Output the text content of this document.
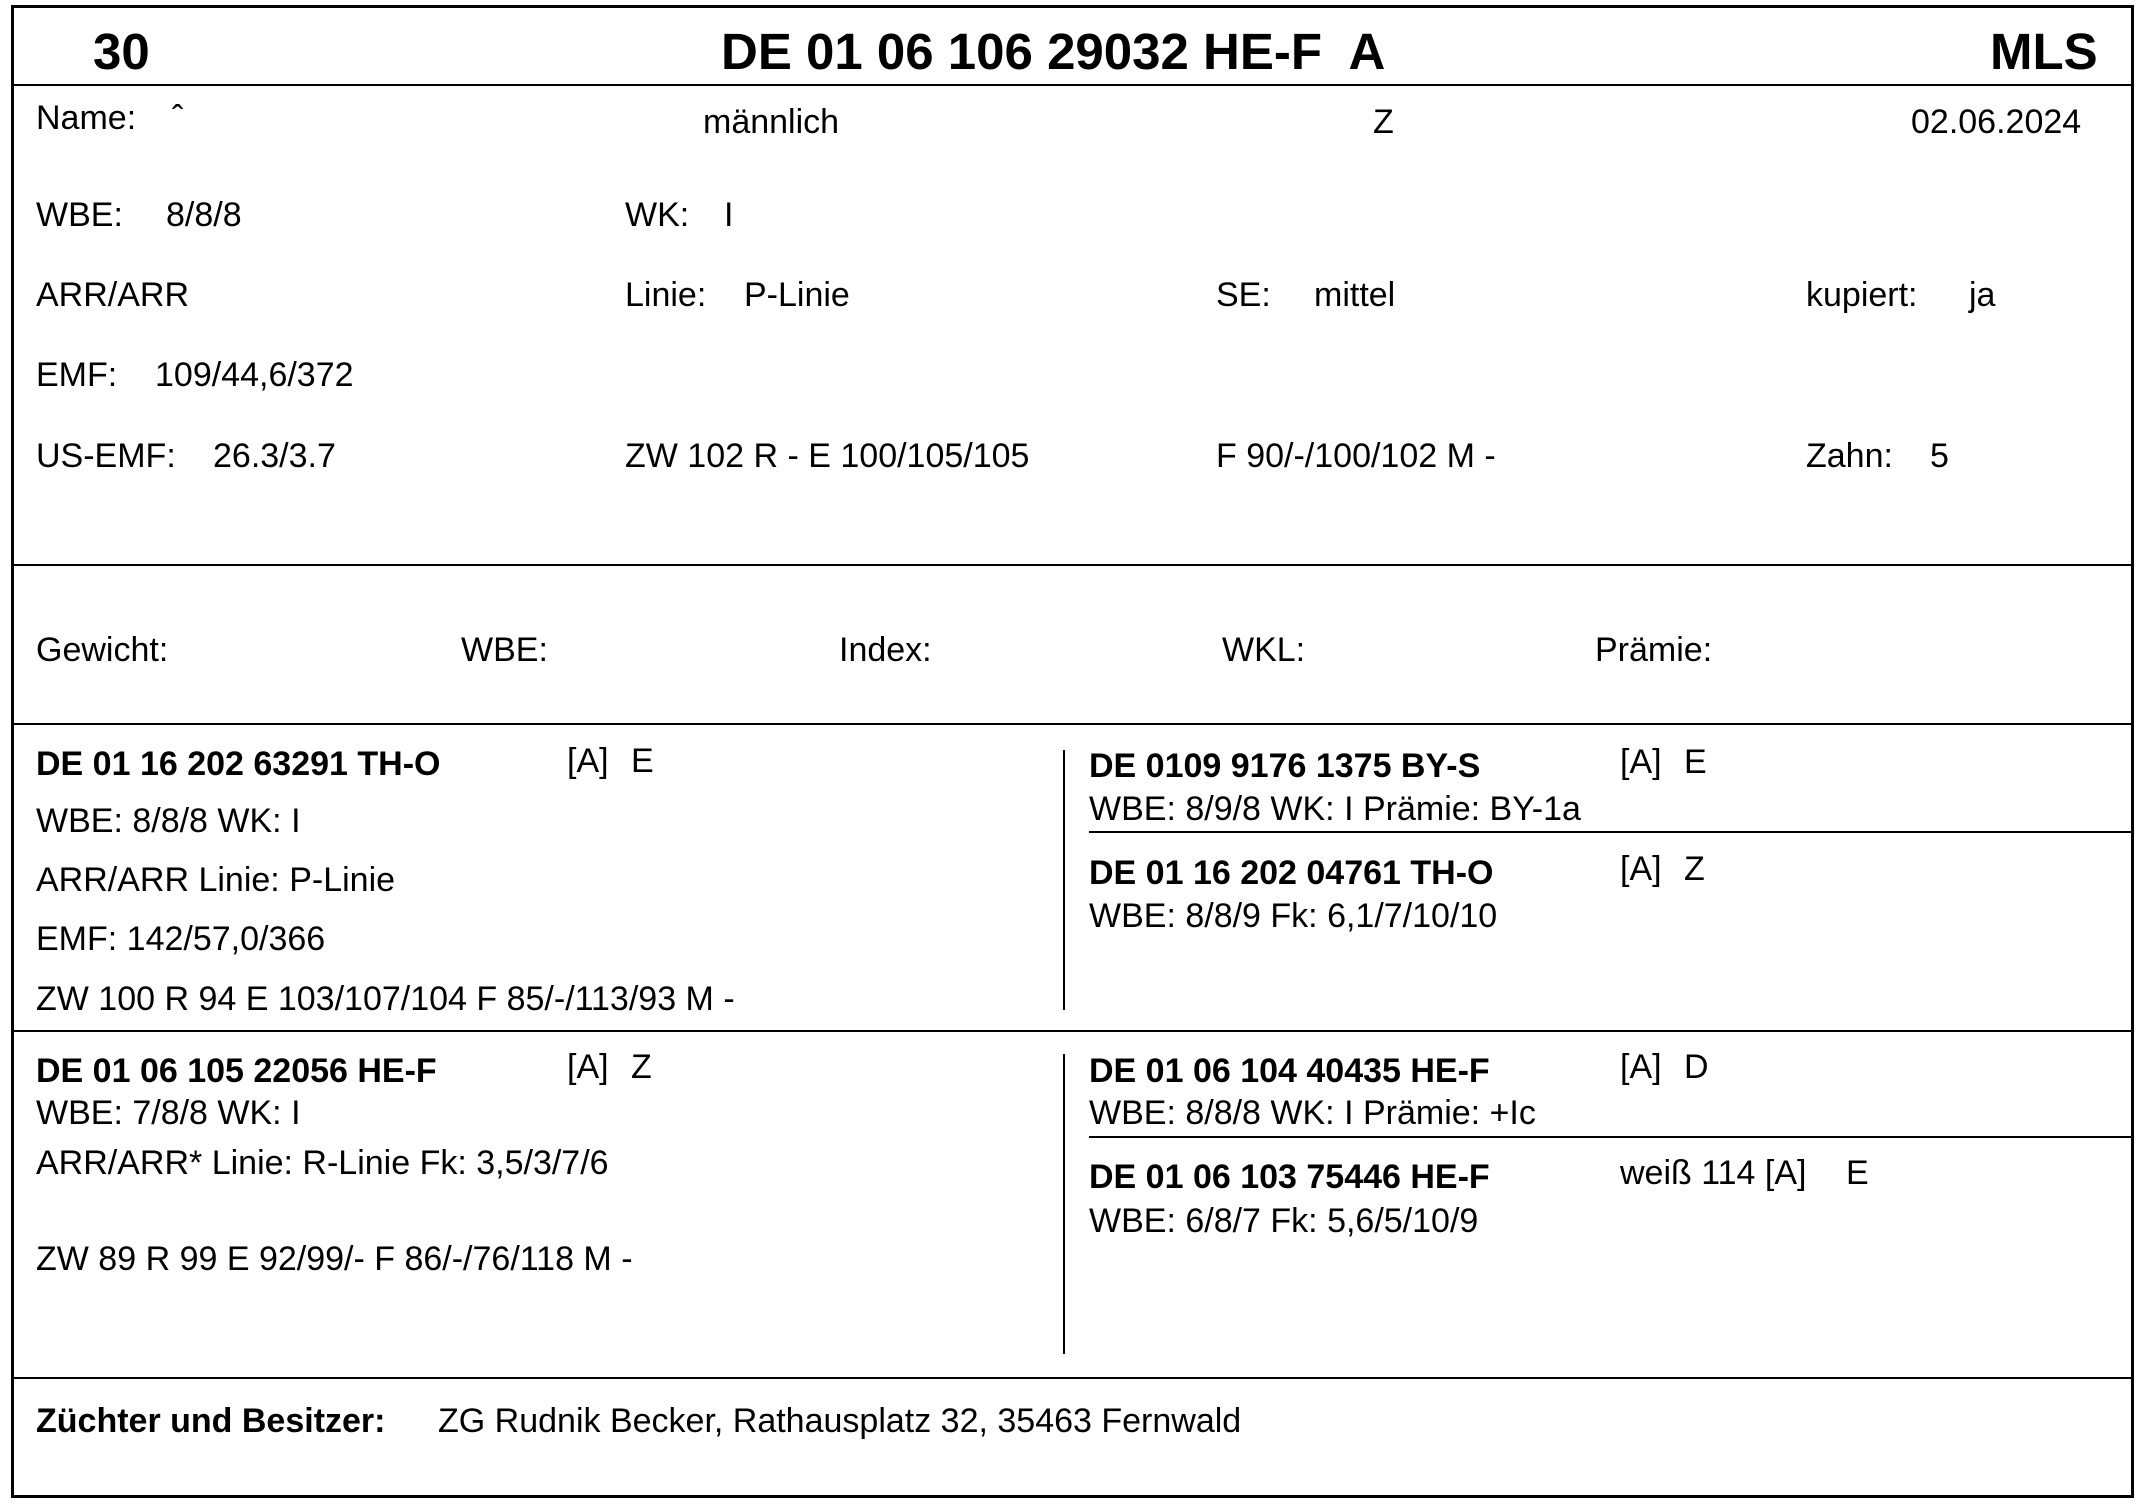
30	DE 01 06 106 29032 HE-F  A	MLS
Name: ˆ	männlich	Z	02.06.2024
WBE: 8/8/8	WK: I
ARR/ARR	Linie: P-Linie	SE: mittel	kupiert: ja
EMF: 109/44,6/372
US-EMF: 26.3/3.7	ZW 102 R - E 100/105/105	F 90/-/100/102 M -	Zahn: 5
Gewicht:	WBE:	Index:	WKL:	Prämie:
DE 01 16 202 63291 TH-O	[A] E
WBE: 8/8/8 WK: I
ARR/ARR Linie: P-Linie
EMF: 142/57,0/366
ZW 100 R 94 E 103/107/104 F 85/-/113/93 M -
DE 0109 9176 1375 BY-S	[A] E
WBE: 8/9/8 WK: I Prämie: BY-1a
DE 01 16 202 04761 TH-O	[A] Z
WBE: 8/8/9 Fk: 6,1/7/10/10
DE 01 06 105 22056 HE-F	[A] Z
WBE: 7/8/8 WK: I
ARR/ARR* Linie: R-Linie Fk: 3,5/3/7/6
ZW 89 R 99 E 92/99/- F 86/-/76/118 M -
DE 01 06 104 40435 HE-F	[A] D
WBE: 8/8/8 WK: I Prämie: +Ic
DE 01 06 103 75446 HE-F	weiß 114 [A] E
WBE: 6/8/7 Fk: 5,6/5/10/9
Züchter und Besitzer: ZG Rudnik Becker, Rathausplatz 32, 35463 Fernwald
